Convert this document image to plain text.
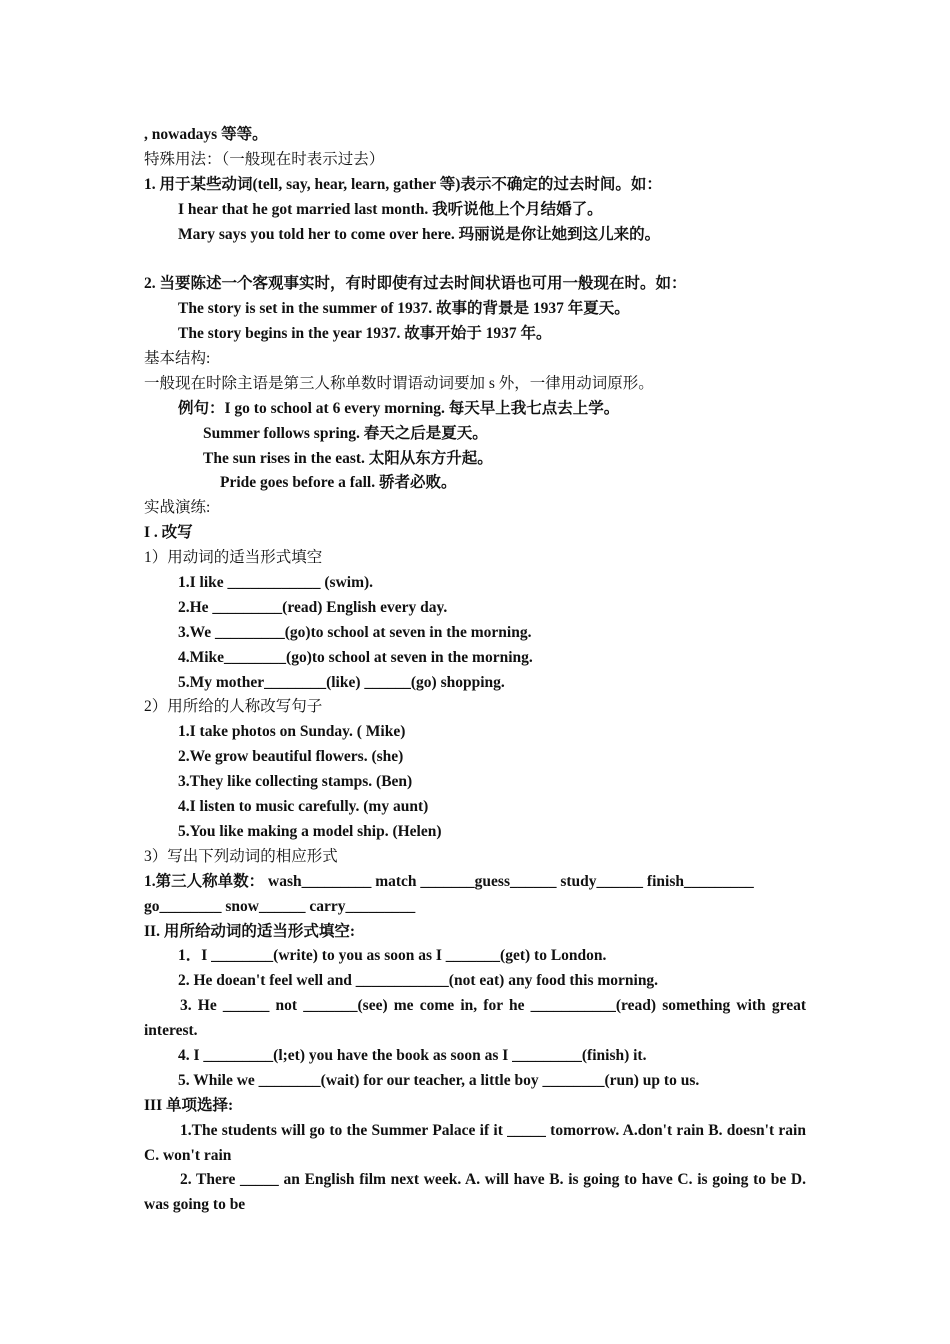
, nowadays 等等。
特殊用法：（一般现在时表示过去）
1. 用于某些动词(tell, say, hear, learn, gather 等)表示不确定的过去时间。如：
I hear that he got married last month. 我听说他上个月结婚了。
Mary says you told her to come over here. 玛丽说是你让她到这儿来的。
2. 当要陈述一个客观事实时，有时即使有过去时间状语也可用一般现在时。如：
The story is set in the summer of 1937. 故事的背景是 1937 年夏天。
The story begins in the year 1937. 故事开始于 1937 年。
基本结构:
一般现在时除主语是第三人称单数时谓语动词要加 s 外，一律用动词原形。
例句：I go to school at 6 every morning. 每天早上我七点去上学。
Summer follows spring. 春天之后是夏天。
The sun rises in the east. 太阳从东方升起。
Pride goes before a fall. 骄者必败。
实战演练:
I . 改写
1）用动词的适当形式填空
1.I like ____________ (swim).
2.He _________(read) English every day.
3.We _________(go)to school at seven in the morning.
4.Mike________(go)to school at seven in the morning.
5.My mother________(like) ______(go) shopping.
2）用所给的人称改写句子
1.I take photos on Sunday. ( Mike)
2.We grow beautiful flowers. (she)
3.They like collecting stamps. (Ben)
4.I listen to music carefully. (my aunt)
5.You like making a model ship. (Helen)
3）写出下列动词的相应形式
1.第三人称单数： wash_________ match _______guess______ study______ finish_________
go________ snow______ carry_________
II. 用所给动词的适当形式填空:
1．I ________(write) to you as soon as I _______(get) to London.
2. He doean't feel well and ____________(not eat) any food this morning.
3. He ______ not _______(see) me come in, for he ___________(read) something with great interest.
4. I _________(l;et) you have the book as soon as I _________(finish) it.
5. While we ________(wait) for our teacher, a little boy ________(run) up to us.
III 单项选择:
1.The students will go to the Summer Palace if it _____ tomorrow. A.don't rain B. doesn't rain C. won't rain
2. There _____ an English film next week. A. will have B. is going to have C. is going to be D. was going to be
